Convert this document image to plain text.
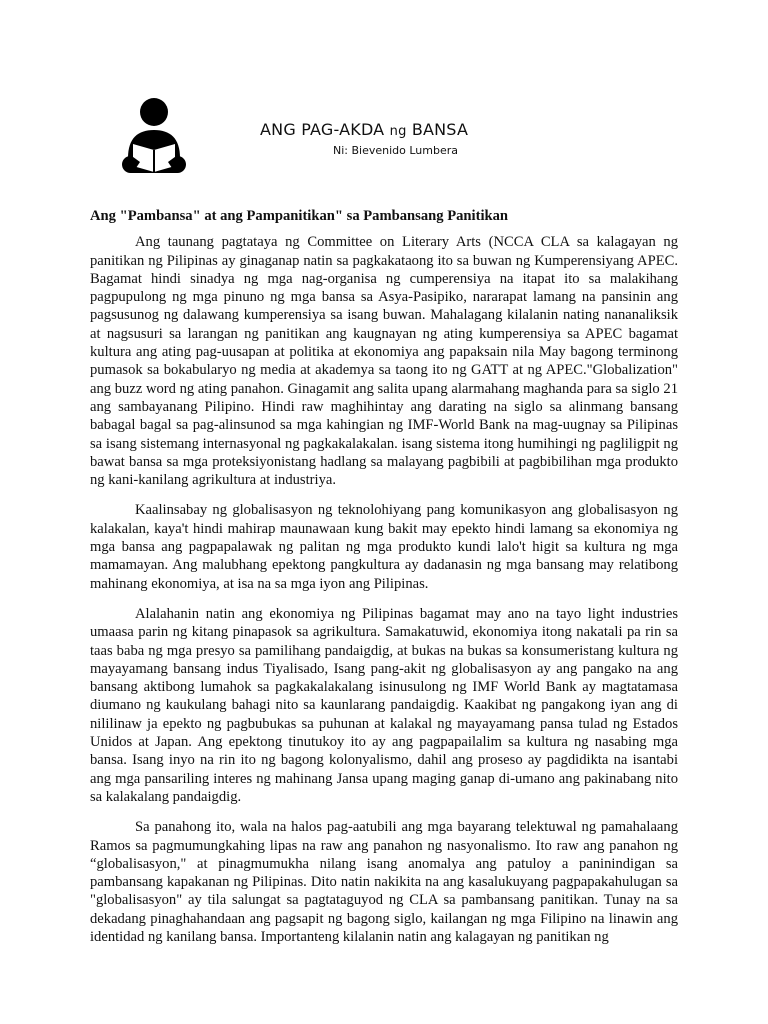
ANG PAG-AKDA ng BANSA
Ni: Bievenido Lumbera
Ang "Pambansa" at ang Pampanitikan" sa Pambansang Panitikan

Ang taunang pagtataya ng Committee on Literary Arts (NCCA CLA sa kalagayan ng panitikan ng Pilipinas ay ginaganap natin sa pagkakataong ito sa buwan ng Kumperensiyang APEC. Bagamat hindi sinadya ng mga nag-organisa ng cumperensiya na itapat ito sa malakihang pagpupulong ng mga pinuno ng mga bansa sa Asya-Pasipiko, nararapat lamang na pansinin ang pagsusunog ng dalawang kumperensiya sa isang buwan. Mahalagang kilalanin nating nananaliksik at nagsusuri sa larangan ng panitikan ang kaugnayan ng ating kumperensiya sa APEC bagamat kultura ang ating pag-uusapan at politika at ekonomiya ang papaksain nila May bagong terminong pumasok sa bokabularyo ng media at akademya sa taong ito ng GATT at ng APEC."Globalization" ang buzz word ng ating panahon. Ginagamit ang salita upang alarmahang maghanda para sa siglo 21 ang sambayanang Pilipino. Hindi raw maghihintay ang darating na siglo sa alinmang bansang babagal bagal sa pag-alinsunod sa mga kahingian ng IMF-World Bank na mag-uugnay sa Pilipinas sa isang sistemang internasyonal ng pagkakalakalan. isang sistema itong humihingi ng pagliligpit ng bawat bansa sa mga proteksiyonistang hadlang sa malayang pagbibili at pagbibilihan mga produkto ng kani-kanilang agrikultura at industriya.

Kaalinsabay ng globalisasyon ng teknolohiyang pang komunikasyon ang globalisasyon ng kalakalan, kaya't hindi mahirap maunawaan kung bakit may epekto hindi lamang sa ekonomiya ng mga bansa ang pagpapalawak ng palitan ng mga produkto kundi lalo't higit sa kultura ng mga mamamayan. Ang malubhang epektong pangkultura ay dadanasin ng mga bansang may relatibong mahinang ekonomiya, at isa na sa mga iyon ang Pilipinas.

Alalahanin natin ang ekonomiya ng Pilipinas bagamat may ano na tayo light industries umaasa parin ng kitang pinapasok sa agrikultura. Samakatuwid, ekonomiya itong nakatali pa rin sa taas baba ng mga presyo sa pamilihang pandaigdig, at bukas na bukas sa konsumeristang kultura ng mayayamang bansang indus Tiyalisado, Isang pang-akit ng globalisasyon ay ang pangako na ang bansang aktibong lumahok sa pagkakalakalang isinusulong ng IMF World Bank ay magtatamasa diumano ng kaukulang bahagi nito sa kaunlarang pandaigdig. Kaakibat ng pangakong iyan ang di nililinaw ja epekto ng pagbubukas sa puhunan at kalakal ng mayayamang pansa tulad ng Estados Unidos at Japan. Ang epektong tinutukoy ito ay ang pagpapailalim sa kultura ng nasabing mga bansa. Isang inyo na rin ito ng bagong kolonyalismo, dahil ang proseso ay pagdidikta na isantabi ang mga pansariling interes ng mahinang Jansa upang maging ganap di-umano ang pakinabang nito sa kalakalang pandaigdig.

Sa panahong ito, wala na halos pag-aatubili ang mga bayarang telektuwal ng pamahalaang Ramos sa pagmumungkahing lipas na raw ang panahon ng nasyonalismo. Ito raw ang panahon ng “globalisasyon," at pinagmumukha nilang isang anomalya ang patuloy a paninindigan sa pambansang kapakanan ng Pilipinas. Dito natin nakikita na ang kasalukuyang pagpapakahulugan sa "globalisasyon" ay tila salungat sa pagtataguyod ng CLA sa pambansang panitikan. Tunay na sa dekadang pinaghahandaan ang pagsapit ng bagong siglo, kailangan ng mga Filipino na linawin ang identidad ng kanilang bansa. Importanteng kilalanin natin ang kalagayan ng panitikan ng
